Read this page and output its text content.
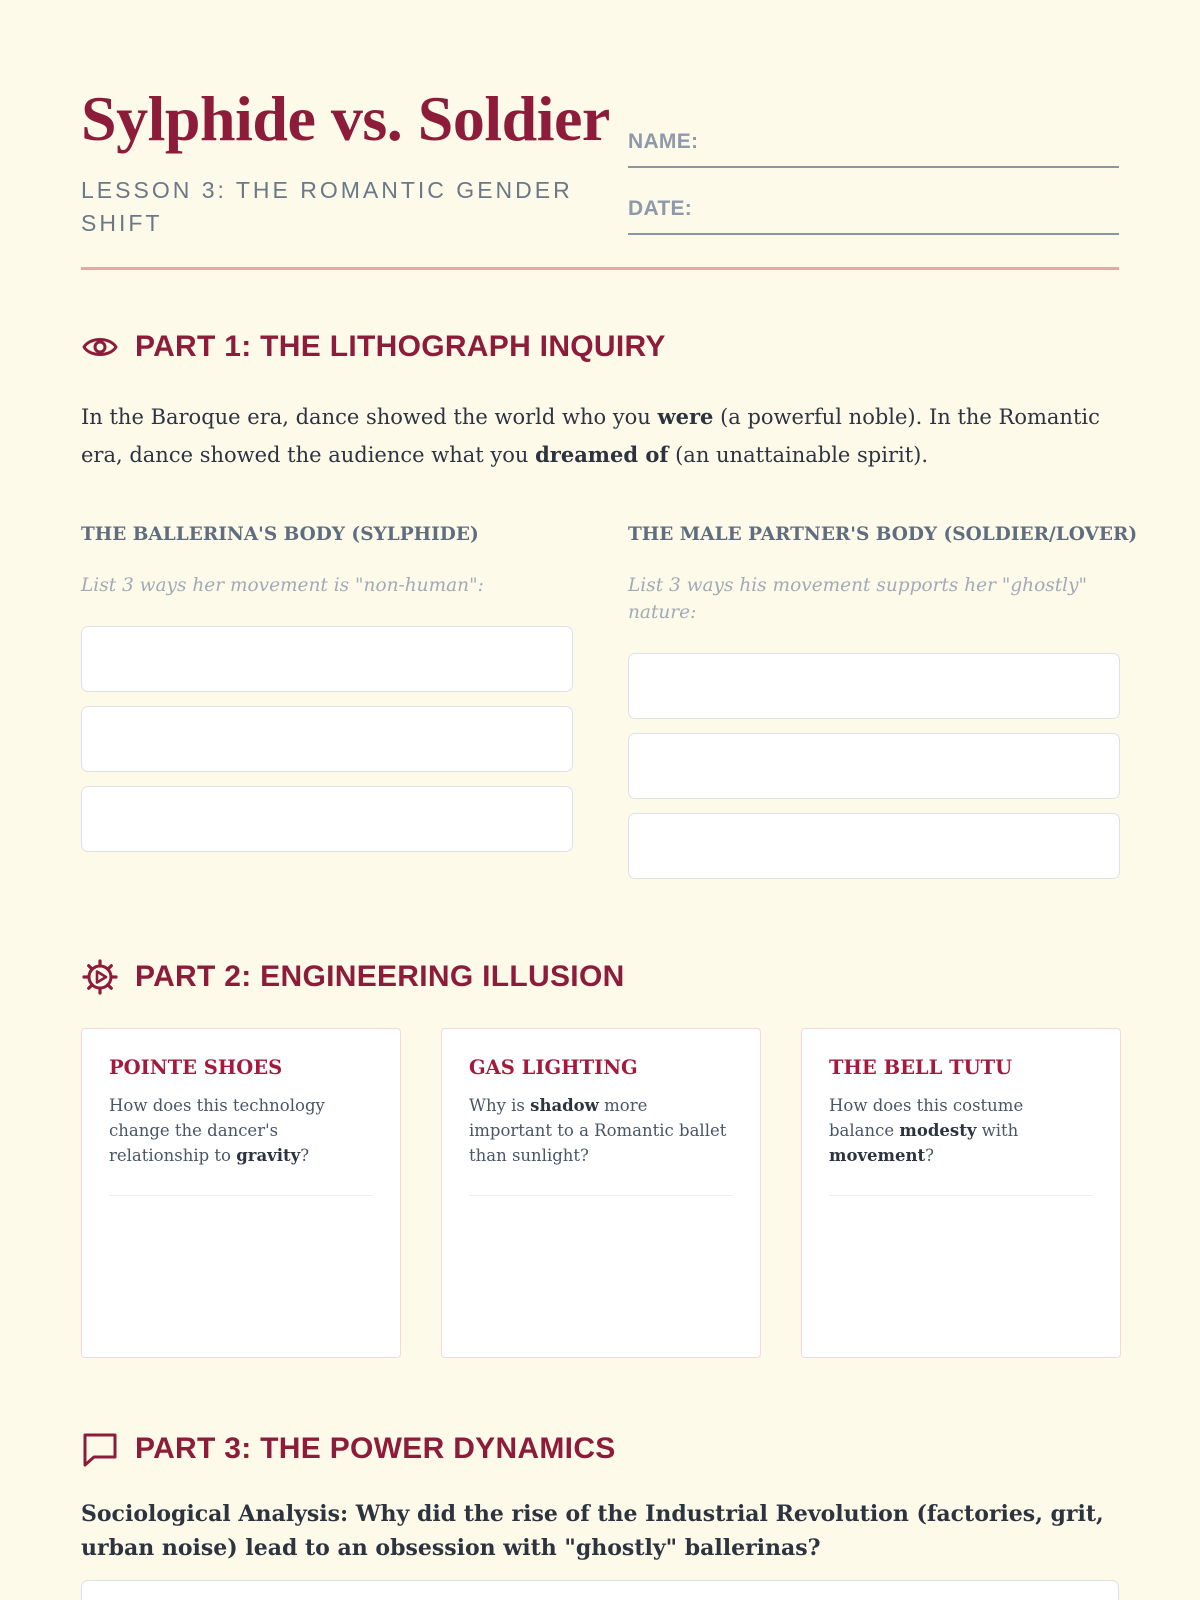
Sylphide vs. Soldier
LESSON 3: THE ROMANTIC GENDER SHIFT
NAME:
DATE:
PART 1: THE LITHOGRAPH INQUIRY

In the Baroque era, dance showed the world who you were (a powerful noble). In the Romantic era, dance showed the audience what you dreamed of (an unattainable spirit).

THE BALLERINA'S BODY (SYLPHIDE)
List 3 ways her movement is "non-human":
THE MALE PARTNER'S BODY (SOLDIER/LOVER)
List 3 ways his movement supports her "ghostly" nature:
PART 2: ENGINEERING ILLUSION
POINTE SHOES
How does this technology change the dancer's relationship to gravity?
GAS LIGHTING
Why is shadow more important to a Romantic ballet than sunlight?
THE BELL TUTU
How does this costume balance modesty with movement?
PART 3: THE POWER DYNAMICS

Sociological Analysis: Why did the rise of the Industrial Revolution (factories, grit, urban noise) lead to an obsession with "ghostly" ballerinas?
